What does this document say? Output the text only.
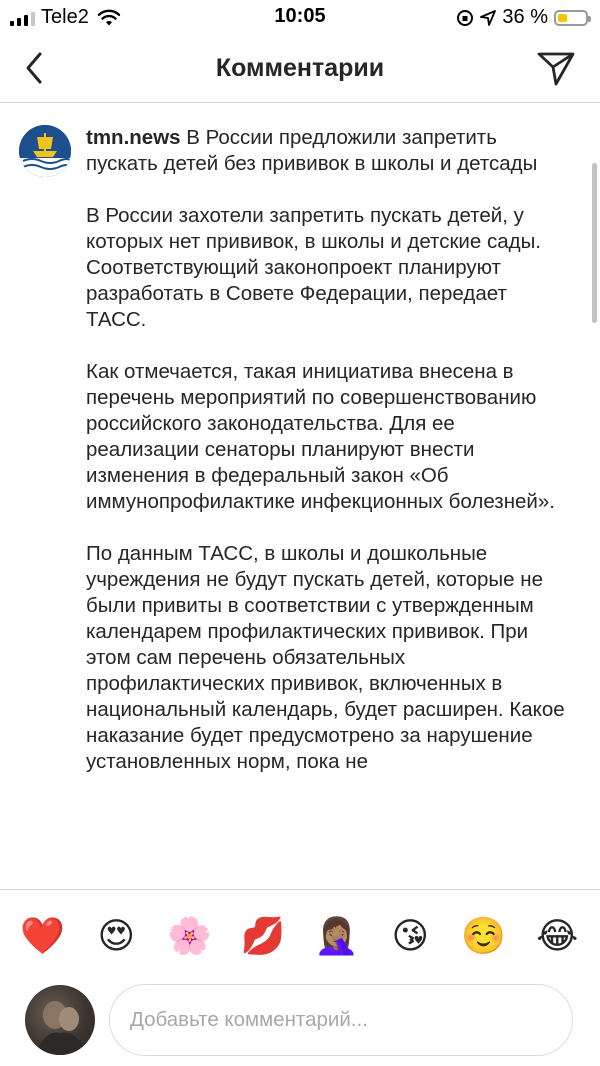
Tele2	10:05	36 %
Комментарии

tmn.news В России предложили запретить пускать детей без прививок в школы и детсады

В России захотели запретить пускать детей, у которых нет прививок, в школы и детские сады. Соответствующий законопроект планируют разработать в Совете Федерации, передает ТАСС.

Как отмечается, такая инициатива внесена в перечень мероприятий по совершенствованию российского законодательства. Для ее реализации сенаторы планируют внести изменения в федеральный закон «Об иммунопрофилактике инфекционных болезней».

По данным ТАСС, в школы и дошкольные учреждения не будут пускать детей, которые не были привиты в соответствии с утвержденным календарем профилактических прививок. При этом сам перечень обязательных профилактических прививок, включенных в национальный календарь, будет расширен. Какое наказание будет предусмотрено за нарушение установленных норм, пока не

❤️ 😍 🌸 💋 🤦🏽‍♀️ 😘 ☺️ 😂
Добавьте комментарий...
